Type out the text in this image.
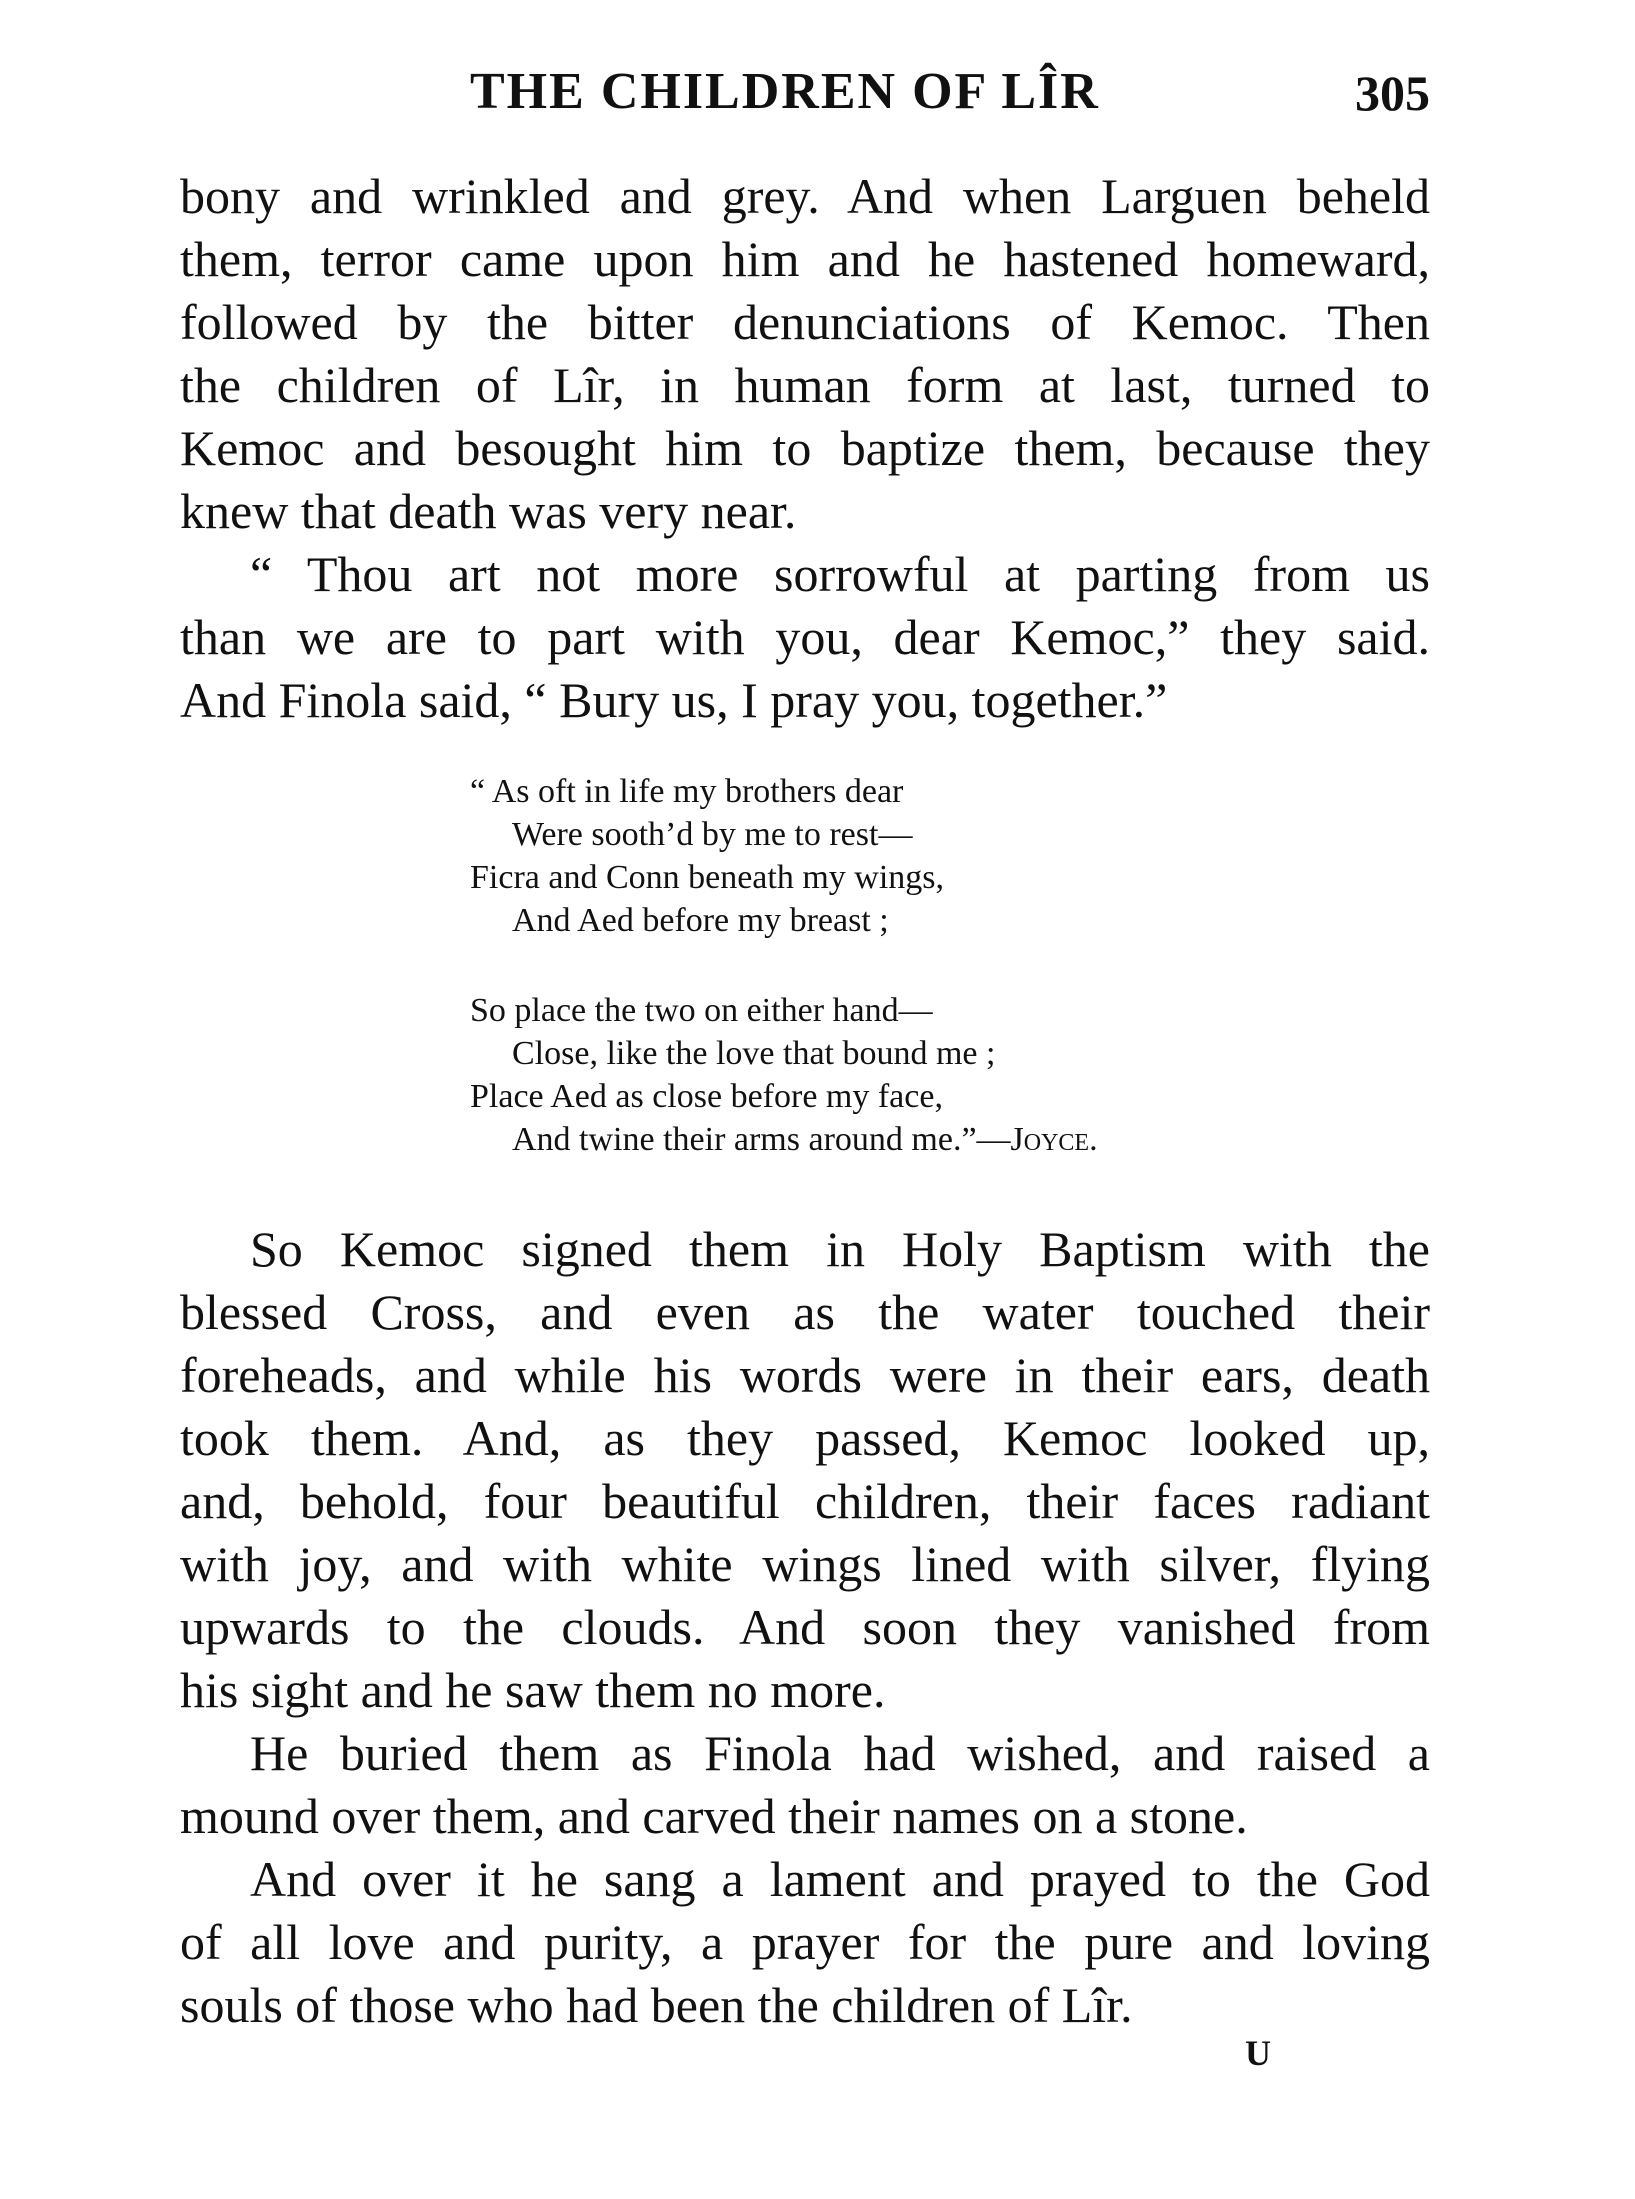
THE CHILDREN OF LÎR	305
bony and wrinkled and grey. And when Larguen beheld
them, terror came upon him and he hastened homeward,
followed by the bitter denunciations of Kemoc. Then
the children of Lîr, in human form at last, turned to
Kemoc and besought him to baptize them, because they
knew that death was very near.
“ Thou art not more sorrowful at parting from us
than we are to part with you, dear Kemoc,” they said.
And Finola said, “ Bury us, I pray you, together.”
“ As oft in life my brothers dear
Were sooth’d by me to rest—
Ficra and Conn beneath my wings,
And Aed before my breast ;
So place the two on either hand—
Close, like the love that bound me ;
Place Aed as close before my face,
And twine their arms around me.”—Joyce.
So Kemoc signed them in Holy Baptism with the
blessed Cross, and even as the water touched their
foreheads, and while his words were in their ears, death
took them. And, as they passed, Kemoc looked up,
and, behold, four beautiful children, their faces radiant
with joy, and with white wings lined with silver, flying
upwards to the clouds. And soon they vanished from
his sight and he saw them no more.
He buried them as Finola had wished, and raised a
mound over them, and carved their names on a stone.
And over it he sang a lament and prayed to the God
of all love and purity, a prayer for the pure and loving
souls of those who had been the children of Lîr.
U
